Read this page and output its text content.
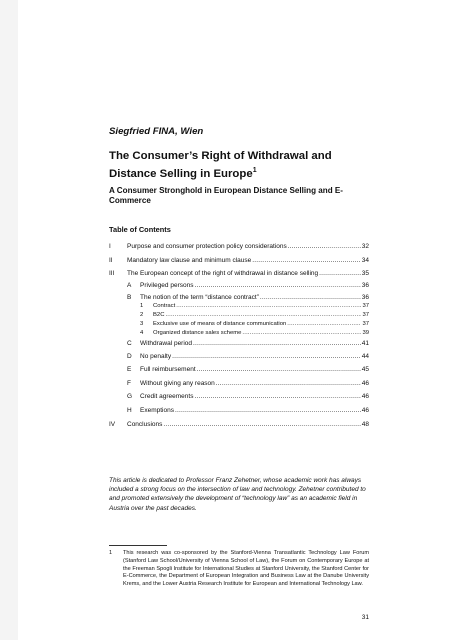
Siegfried FINA, Wien
The Consumer’s Right of Withdrawal and Distance Selling in Europe$^1$
A Consumer Stronghold in European Distance Selling and E-Commerce
Table of Contents
I	Purpose and consumer protection policy considerations .....	32
II	Mandatory law clause and minimum clause .....	34
III	The European concept of the right of withdrawal in distance selling .....	35
A	Privileged persons .....	36
B	The notion of the term “distance contract” .....	36
1	Contract .....	37
2	B2C .....	37
3	Exclusive use of means of distance communication .....	37
4	Organized distance sales scheme .....	39
C	Withdrawal period .....	41
D	No penalty .....	44
E	Full reimbursement .....	45
F	Without giving any reason .....	46
G	Credit agreements .....	46
H	Exemptions .....	46
IV	Conclusions .....	48

This article is dedicated to Professor Franz Zehetner, whose academic work has always included a strong focus on the intersection of law and technology. Zehetner contributed to and promoted extensively the development of “technology law” as an academic field in Austria over the past decades.

1	This research was co-sponsored by the Stanford-Vienna Transatlantic Technology Law Forum (Stanford Law School/University of Vienna School of Law), the Forum on Contemporary Europe at the Freeman Spogli Institute for International Studies at Stanford University, the Stanford Center for E-Commerce, the Department of European Integration and Business Law at the Danube University Krems, and the Lower Austria Research Institute for European and International Technology Law.
31
